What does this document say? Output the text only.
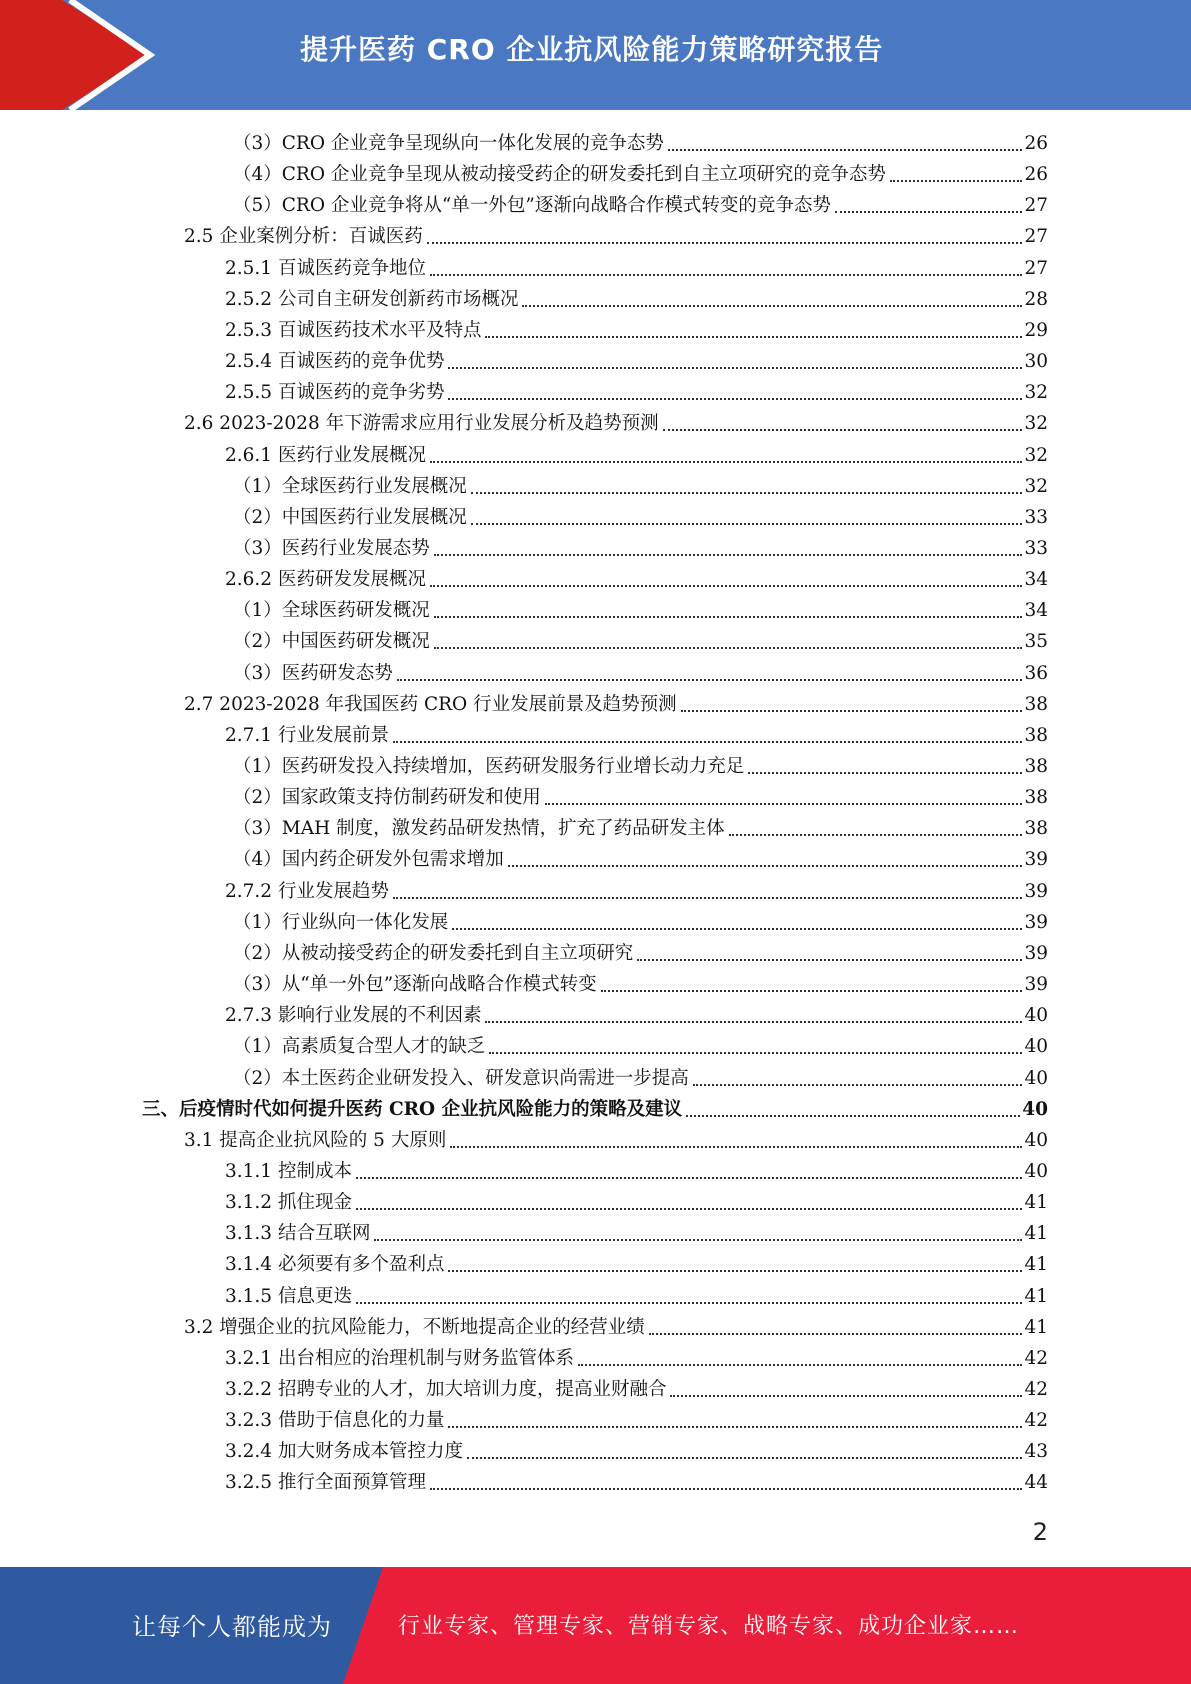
提升医药 CRO 企业抗风险能力策略研究报告
（3）CRO 企业竞争呈现纵向一体化发展的竞争态势	26
（4）CRO 企业竞争呈现从被动接受药企的研发委托到自主立项研究的竞争态势	26
（5）CRO 企业竞争将从“单一外包”逐渐向战略合作模式转变的竞争态势	27
2.5 企业案例分析：百诚医药	27
2.5.1 百诚医药竞争地位	27
2.5.2 公司自主研发创新药市场概况	28
2.5.3 百诚医药技术水平及特点	29
2.5.4 百诚医药的竞争优势	30
2.5.5 百诚医药的竞争劣势	32
2.6 2023-2028 年下游需求应用行业发展分析及趋势预测	32
2.6.1 医药行业发展概况	32
（1）全球医药行业发展概况	32
（2）中国医药行业发展概况	33
（3）医药行业发展态势	33
2.6.2 医药研发发展概况	34
（1）全球医药研发概况	34
（2）中国医药研发概况	35
（3）医药研发态势	36
2.7 2023-2028 年我国医药 CRO 行业发展前景及趋势预测	38
2.7.1 行业发展前景	38
（1）医药研发投入持续增加，医药研发服务行业增长动力充足	38
（2）国家政策支持仿制药研发和使用	38
（3）MAH 制度，激发药品研发热情，扩充了药品研发主体	38
（4）国内药企研发外包需求增加	39
2.7.2 行业发展趋势	39
（1）行业纵向一体化发展	39
（2）从被动接受药企的研发委托到自主立项研究	39
（3）从“单一外包”逐渐向战略合作模式转变	39
2.7.3 影响行业发展的不利因素	40
（1）高素质复合型人才的缺乏	40
（2）本土医药企业研发投入、研发意识尚需进一步提高	40
三、后疫情时代如何提升医药 CRO 企业抗风险能力的策略及建议	40
3.1 提高企业抗风险的 5 大原则	40
3.1.1 控制成本	40
3.1.2 抓住现金	41
3.1.3 结合互联网	41
3.1.4 必须要有多个盈利点	41
3.1.5 信息更迭	41
3.2 增强企业的抗风险能力，不断地提高企业的经营业绩	41
3.2.1 出台相应的治理机制与财务监管体系	42
3.2.2 招聘专业的人才，加大培训力度，提高业财融合	42
3.2.3 借助于信息化的力量	42
3.2.4 加大财务成本管控力度	43
3.2.5 推行全面预算管理	44
2
让每个人都能成为	行业专家、管理专家、营销专家、战略专家、成功企业家……
